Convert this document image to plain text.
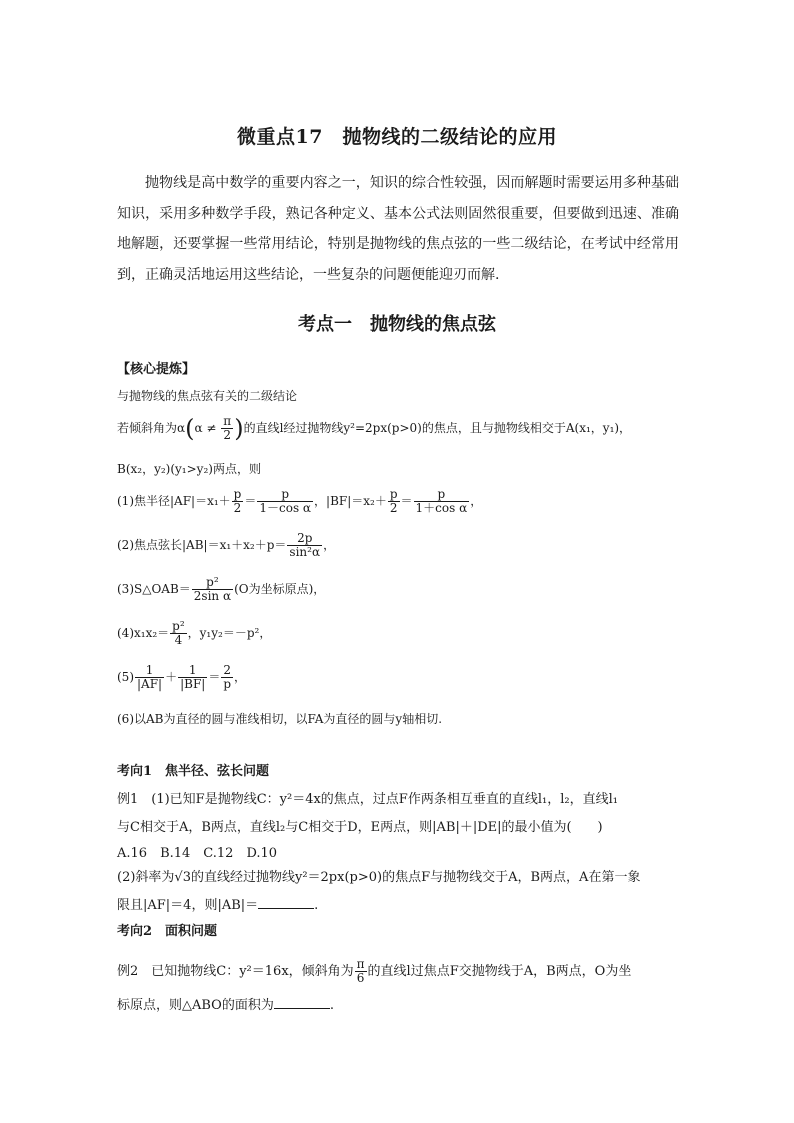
微重点17　抛物线的二级结论的应用
抛物线是高中数学的重要内容之一，知识的综合性较强，因而解题时需要运用多种基础知识，采用多种数学手段，熟记各种定义、基本公式法则固然很重要，但要做到迅速、准确地解题，还要掌握一些常用结论，特别是抛物线的焦点弦的一些二级结论，在考试中经常用到，正确灵活地运用这些结论，一些复杂的问题便能迎刃而解.
考点一　抛物线的焦点弦
【核心提炼】
与抛物线的焦点弦有关的二级结论
若倾斜角为$\alpha(\alpha \ne \frac{\pi}{2}$ )的直线l经过抛物线y²=2px(p>0)的焦点，且与抛物线相交于A(x₁，y₁)，
B(x₂，y₂)(y₁>y₂)两点，则
(1)焦半径$|AF|=x_1+ \frac{p}{2} = \frac{p}{\text{1－cos α}}$ ，$|BF|=x_2+ \frac{p}{2} = \frac{p}{\text{1＋cos α}}$ ，
(2)焦点弦长$|AB|=x_1+x_2+p= \frac{2p}{\text{sin²α}}$ ，
(3)S△OAB＝ $\frac{\text{p²}}{\text{2sin α}} (O$为坐标原点)，
$(4)x_1x_2= \frac{\text{p²}}{4}$ ，y₁y₂＝－p²，
$(5) \frac{1}{|AF|} + \frac{1}{|BF|} = \frac{2}{p}$ ，
(6)以AB为直径的圆与准线相切，以FA为直径的圆与y轴相切.
考向1　焦半径、弦长问题
例1　(1)已知F是抛物线C：y²＝4x的焦点，过点F作两条相互垂直的直线l₁，l₂，直线l₁
与C相交于A，B两点，直线l₂与C相交于D，E两点，则|AB|＋|DE|的最小值为(　　)
A.16　B.14　C.12　D.10
(2)斜率为√3的直线经过抛物线y²＝2px(p>0)的焦点F与抛物线交于A，B两点，A在第一象
限且|AF|＝4，则|AB|＝	.
考向2　面积问题
例2　已知抛物线C：y²＝16x，倾斜角为 $\frac{\pi}{6}$ 的直线l过焦点F交抛物线于A，B两点，O为坐
标原点，则△ABO的面积为	.
